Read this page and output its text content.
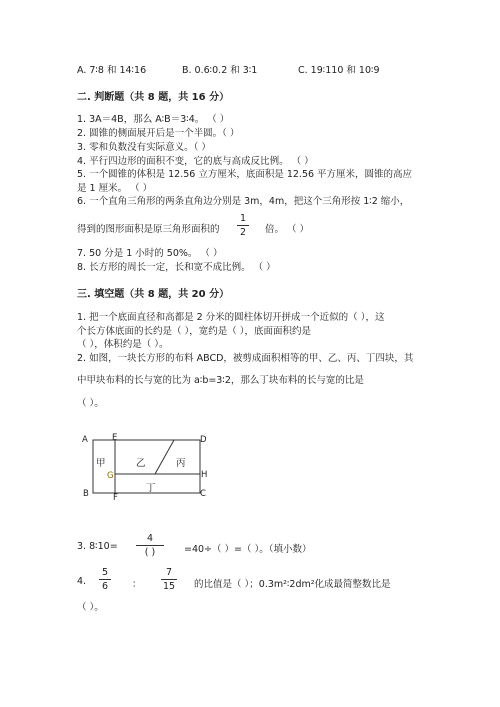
A. 7∶8 和 14∶16	B. 0.6∶0.2 和 3∶1	C. 19∶110 和 10∶9
二. 判断题（共 8 题，共 16 分）
1. 3A＝4B，那么 A∶B＝3∶4。 （ ）
2. 圆锥的侧面展开后是一个半圆。（ ）
3. 零和负数没有实际意义。（ ）
4. 平行四边形的面积不变，它的底与高成反比例。 （ ）
5. 一个圆锥的体积是 12.56 立方厘米，底面积是 12.56 平方厘米，圆锥的高应
是 1 厘米。 （ ）
6. 一个直角三角形的两条直角边分别是 3m，4m，把这个三角形按 1∶2 缩小，
得到的图形面积是原三角形面积的
1
2	倍。 （ ）
7. 50 分是 1 小时的 50%。 （ ）
8. 长方形的周长一定，长和宽不成比例。 （ ）
三. 填空题（共 8 题，共 20 分）
1. 把一个底面直径和高都是 2 分米的圆柱体切开拼成一个近似的（ ），这
个长方体底面的长约是（ ），宽约是（ ），底面面积约是
（ ），体积约是（ ）。
2. 如图，一块长方形的布料 ABCD，被剪成面积相等的甲、乙、丙、丁四块，其
中甲块布料的长与宽的比为 a∶b=3∶2，那么丁块布料的长与宽的比是
（ ）。
A	E	D
H
G
B	F	C
甲	乙	丙
丁
3. 8∶10=
4
( )	=40÷（ ）=（ ）。（填小数）
4.
5
6	：
7
15 的比值是（ ）；0.3m²∶2dm²化成最简整数比是
（ ）。
